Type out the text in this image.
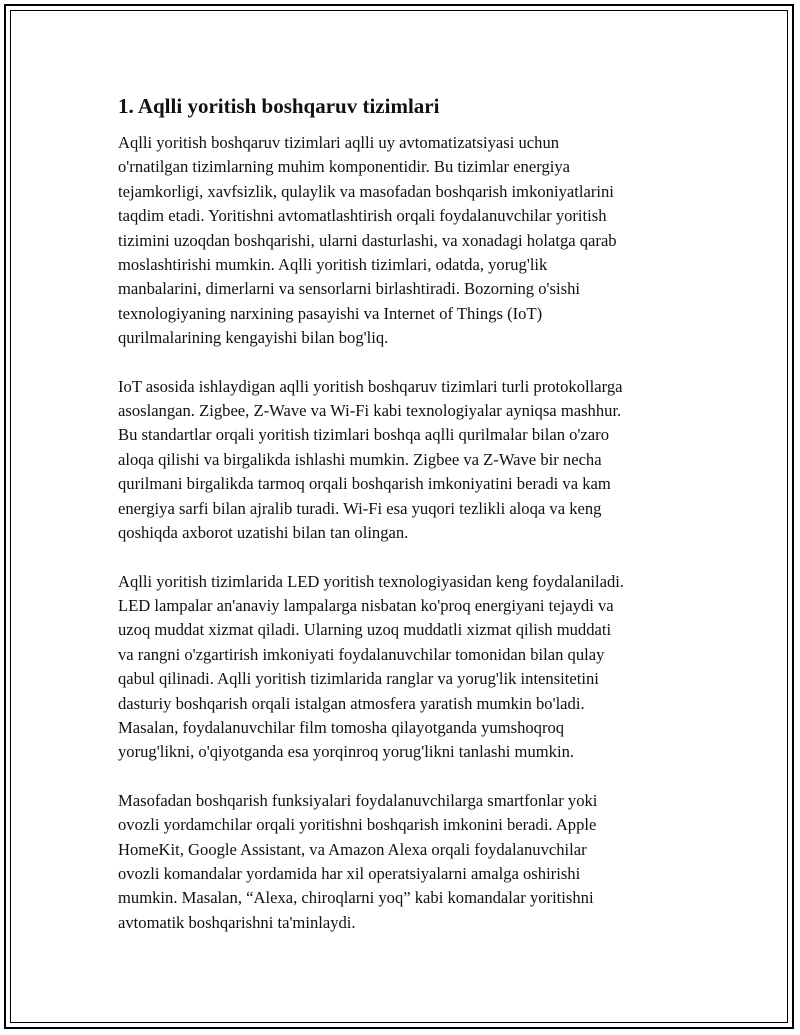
1. Aqlli yoritish boshqaruv tizimlari

Aqlli yoritish boshqaruv tizimlari aqlli uy avtomatizatsiyasi uchun
o'rnatilgan tizimlarning muhim komponentidir. Bu tizimlar energiya
tejamkorligi, xavfsizlik, qulaylik va masofadan boshqarish imkoniyatlarini
taqdim etadi. Yoritishni avtomatlashtirish orqali foydalanuvchilar yoritish
tizimini uzoqdan boshqarishi, ularni dasturlashi, va xonadagi holatga qarab
moslashtirishi mumkin. Aqlli yoritish tizimlari, odatda, yorug'lik
manbalarini, dimerlarni va sensorlarni birlashtiradi. Bozorning o'sishi
texnologiyaning narxining pasayishi va Internet of Things (IoT)
qurilmalarining kengayishi bilan bog'liq.

IoT asosida ishlaydigan aqlli yoritish boshqaruv tizimlari turli protokollarga
asoslangan. Zigbee, Z-Wave va Wi-Fi kabi texnologiyalar ayniqsa mashhur.
Bu standartlar orqali yoritish tizimlari boshqa aqlli qurilmalar bilan o'zaro
aloqa qilishi va birgalikda ishlashi mumkin. Zigbee va Z-Wave bir necha
qurilmani birgalikda tarmoq orqali boshqarish imkoniyatini beradi va kam
energiya sarfi bilan ajralib turadi. Wi-Fi esa yuqori tezlikli aloqa va keng
qoshiqda axborot uzatishi bilan tan olingan.

Aqlli yoritish tizimlarida LED yoritish texnologiyasidan keng foydalaniladi.
LED lampalar an'anaviy lampalarga nisbatan ko'proq energiyani tejaydi va
uzoq muddat xizmat qiladi. Ularning uzoq muddatli xizmat qilish muddati
va rangni o'zgartirish imkoniyati foydalanuvchilar tomonidan bilan qulay
qabul qilinadi. Aqlli yoritish tizimlarida ranglar va yorug'lik intensitetini
dasturiy boshqarish orqali istalgan atmosfera yaratish mumkin bo'ladi.
Masalan, foydalanuvchilar film tomosha qilayotganda yumshoqroq
yorug'likni, o'qiyotganda esa yorqinroq yorug'likni tanlashi mumkin.

Masofadan boshqarish funksiyalari foydalanuvchilarga smartfonlar yoki
ovozli yordamchilar orqali yoritishni boshqarish imkonini beradi. Apple
HomeKit, Google Assistant, va Amazon Alexa orqali foydalanuvchilar
ovozli komandalar yordamida har xil operatsiyalarni amalga oshirishi
mumkin. Masalan, “Alexa, chiroqlarni yoq” kabi komandalar yoritishni
avtomatik boshqarishni ta'minlaydi.
